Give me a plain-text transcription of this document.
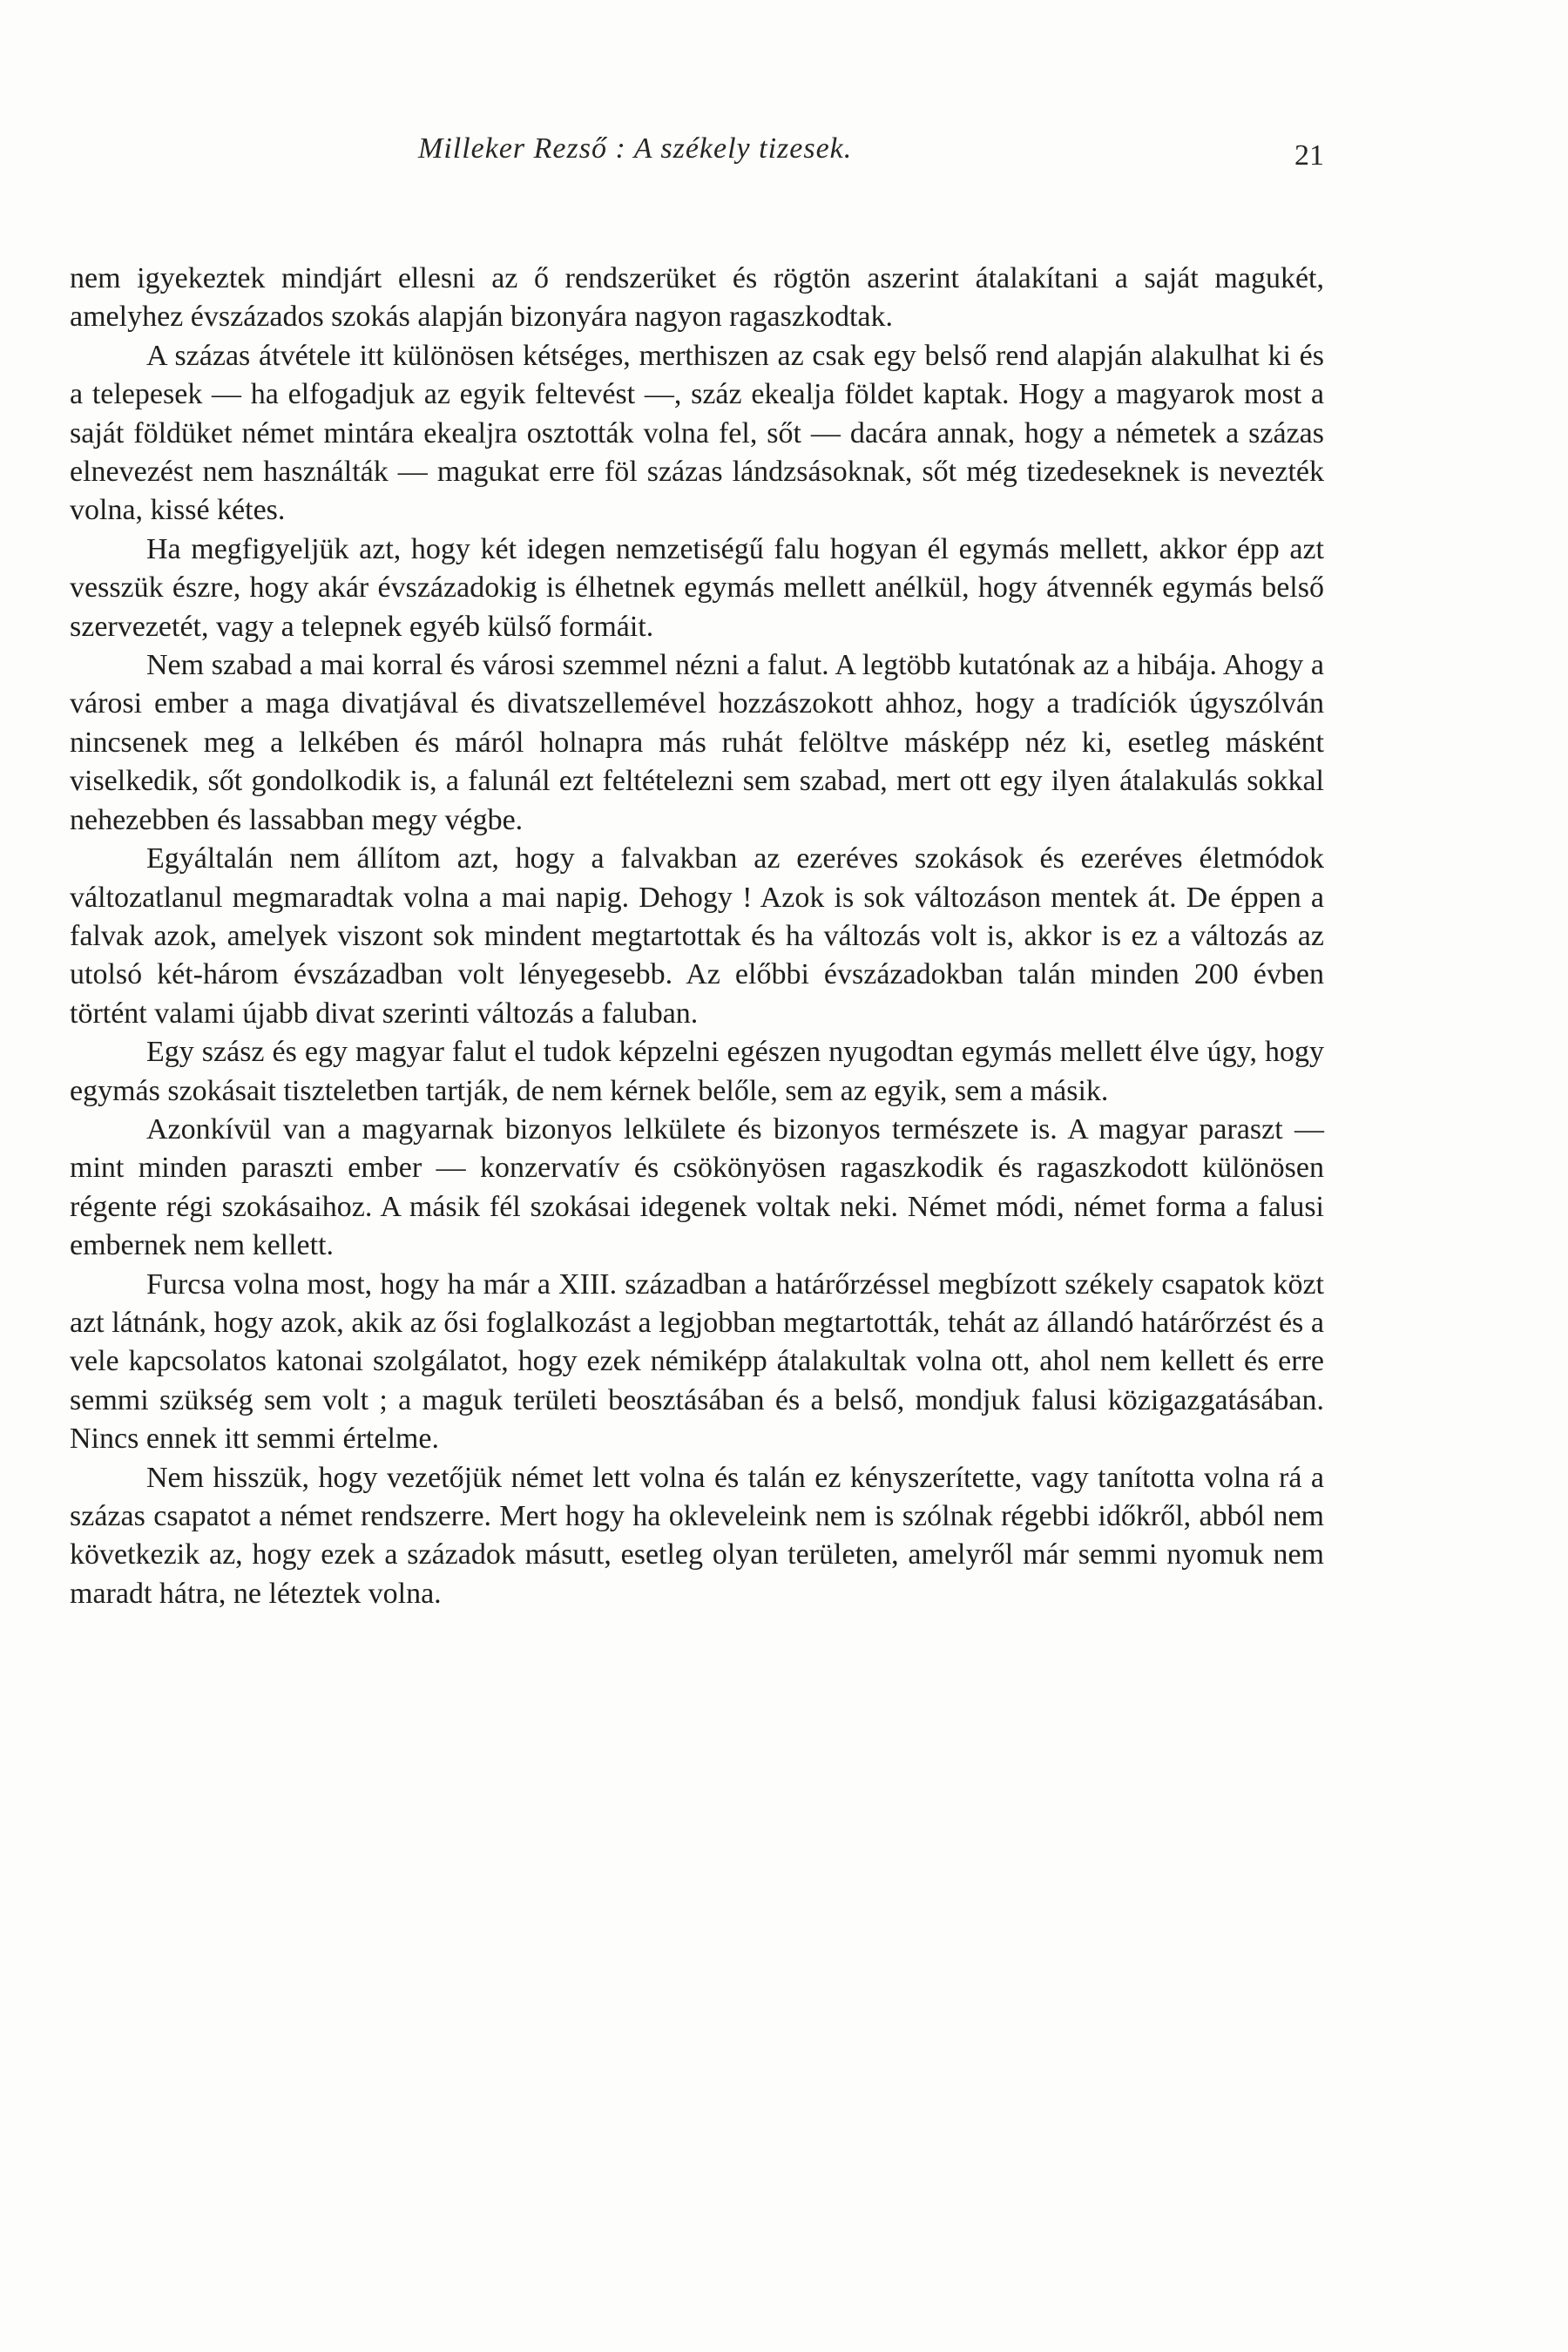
Milleker Rezső : A székely tizesek.	21

nem igyekeztek mindjárt ellesni az ő rendszerüket és rögtön aszerint átalakítani a saját magukét, amelyhez évszázados szokás alapján bizonyára nagyon ragaszkodtak.

A százas átvétele itt különösen kétséges, merthiszen az csak egy belső rend alapján alakulhat ki és a telepesek — ha elfogadjuk az egyik feltevést —, száz ekealja földet kaptak. Hogy a magyarok most a saját földüket német mintára ekealjra osztották volna fel, sőt — dacára annak, hogy a németek a százas elnevezést nem használták — magukat erre föl százas lándzsásoknak, sőt még tizedeseknek is nevezték volna, kissé kétes.

Ha megfigyeljük azt, hogy két idegen nemzetiségű falu hogyan él egymás mellett, akkor épp azt vesszük észre, hogy akár évszázadokig is élhetnek egymás mellett anélkül, hogy átvennék egymás belső szervezetét, vagy a telepnek egyéb külső formáit.

Nem szabad a mai korral és városi szemmel nézni a falut. A legtöbb kutatónak az a hibája. Ahogy a városi ember a maga divatjával és divatszellemével hozzászokott ahhoz, hogy a tradíciók úgyszólván nincsenek meg a lelkében és máról holnapra más ruhát felöltve másképp néz ki, esetleg másként viselkedik, sőt gondolkodik is, a falunál ezt feltételezni sem szabad, mert ott egy ilyen átalakulás sokkal nehezebben és lassabban megy végbe.

Egyáltalán nem állítom azt, hogy a falvakban az ezeréves szokások és ezeréves életmódok változatlanul megmaradtak volna a mai napig. Dehogy ! Azok is sok változáson mentek át. De éppen a falvak azok, amelyek viszont sok mindent megtartottak és ha változás volt is, akkor is ez a változás az utolsó két-három évszázadban volt lényegesebb. Az előbbi évszázadokban talán minden 200 évben történt valami újabb divat szerinti változás a faluban.

Egy szász és egy magyar falut el tudok képzelni egészen nyugodtan egymás mellett élve úgy, hogy egymás szokásait tiszteletben tartják, de nem kérnek belőle, sem az egyik, sem a másik.

Azonkívül van a magyarnak bizonyos lelkülete és bizonyos természete is. A magyar paraszt — mint minden paraszti ember — konzervatív és csökönyösen ragaszkodik és ragaszkodott különösen régente régi szokásaihoz. A másik fél szokásai idegenek voltak neki. Német módi, német forma a falusi embernek nem kellett.

Furcsa volna most, hogy ha már a XIII. században a határőrzéssel megbízott székely csapatok közt azt látnánk, hogy azok, akik az ősi foglalkozást a legjobban megtartották, tehát az állandó határőrzést és a vele kapcsolatos katonai szolgálatot, hogy ezek némiképp átalakultak volna ott, ahol nem kellett és erre semmi szükség sem volt ; a maguk területi beosztásában és a belső, mondjuk falusi közigazgatásában. Nincs ennek itt semmi értelme.

Nem hisszük, hogy vezetőjük német lett volna és talán ez kényszerítette, vagy tanította volna rá a százas csapatot a német rendszerre. Mert hogy ha okleveleink nem is szólnak régebbi időkről, abból nem következik az, hogy ezek a századok másutt, esetleg olyan területen, amelyről már semmi nyomuk nem maradt hátra, ne léteztek volna.
